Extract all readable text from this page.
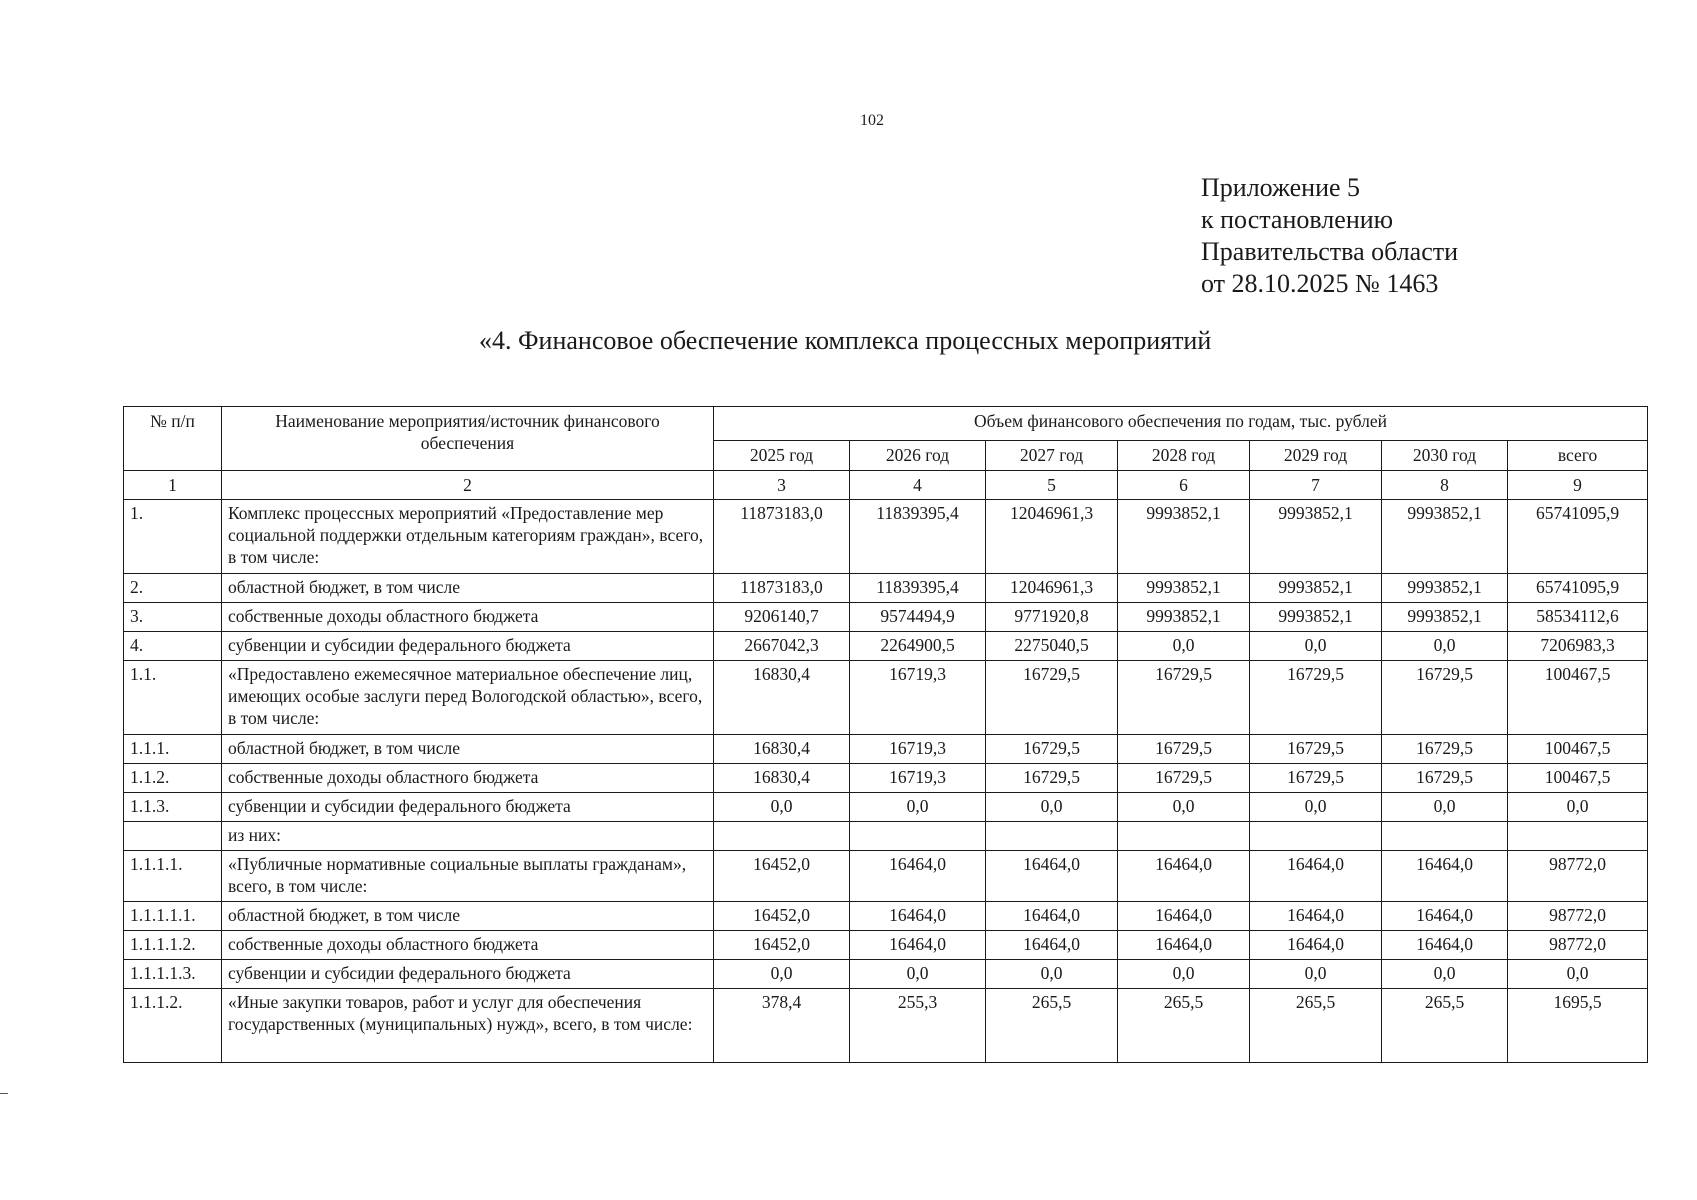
102
Приложение 5
к постановлению
Правительства области
от 28.10.2025 № 1463
«4. Финансовое обеспечение комплекса процессных мероприятий
№ п/п	Наименование мероприятия/источник финансового обеспечения	Объем финансового обеспечения по годам, тыс. рублей						
		2025 год	2026 год	2027 год	2028 год	2029 год	2030 год	всего
1	2	3	4	5	6	7	8	9
1.	Комплекс процессных мероприятий «Предоставление мер социальной поддержки отдельным категориям граждан», всего, в том числе:	11873183,0	11839395,4	12046961,3	9993852,1	9993852,1	9993852,1	65741095,9
2.	областной бюджет, в том числе	11873183,0	11839395,4	12046961,3	9993852,1	9993852,1	9993852,1	65741095,9
3.	собственные доходы областного бюджета	9206140,7	9574494,9	9771920,8	9993852,1	9993852,1	9993852,1	58534112,6
4.	субвенции и субсидии федерального бюджета	2667042,3	2264900,5	2275040,5	0,0	0,0	0,0	7206983,3
1.1.	«Предоставлено ежемесячное материальное обеспечение лиц, имеющих особые заслуги перед Вологодской областью», всего, в том числе:	16830,4	16719,3	16729,5	16729,5	16729,5	16729,5	100467,5
1.1.1.	областной бюджет, в том числе	16830,4	16719,3	16729,5	16729,5	16729,5	16729,5	100467,5
1.1.2.	собственные доходы областного бюджета	16830,4	16719,3	16729,5	16729,5	16729,5	16729,5	100467,5
1.1.3.	субвенции и субсидии федерального бюджета	0,0	0,0	0,0	0,0	0,0	0,0	0,0
	из них:							
1.1.1.1.	«Публичные нормативные социальные выплаты гражданам», всего, в том числе:	16452,0	16464,0	16464,0	16464,0	16464,0	16464,0	98772,0
1.1.1.1.1.	областной бюджет, в том числе	16452,0	16464,0	16464,0	16464,0	16464,0	16464,0	98772,0
1.1.1.1.2.	собственные доходы областного бюджета	16452,0	16464,0	16464,0	16464,0	16464,0	16464,0	98772,0
1.1.1.1.3.	субвенции и субсидии федерального бюджета	0,0	0,0	0,0	0,0	0,0	0,0	0,0
1.1.1.2.	«Иные закупки товаров, работ и услуг для обеспечения государственных (муниципальных) нужд», всего, в том числе:	378,4	255,3	265,5	265,5	265,5	265,5	1695,5
